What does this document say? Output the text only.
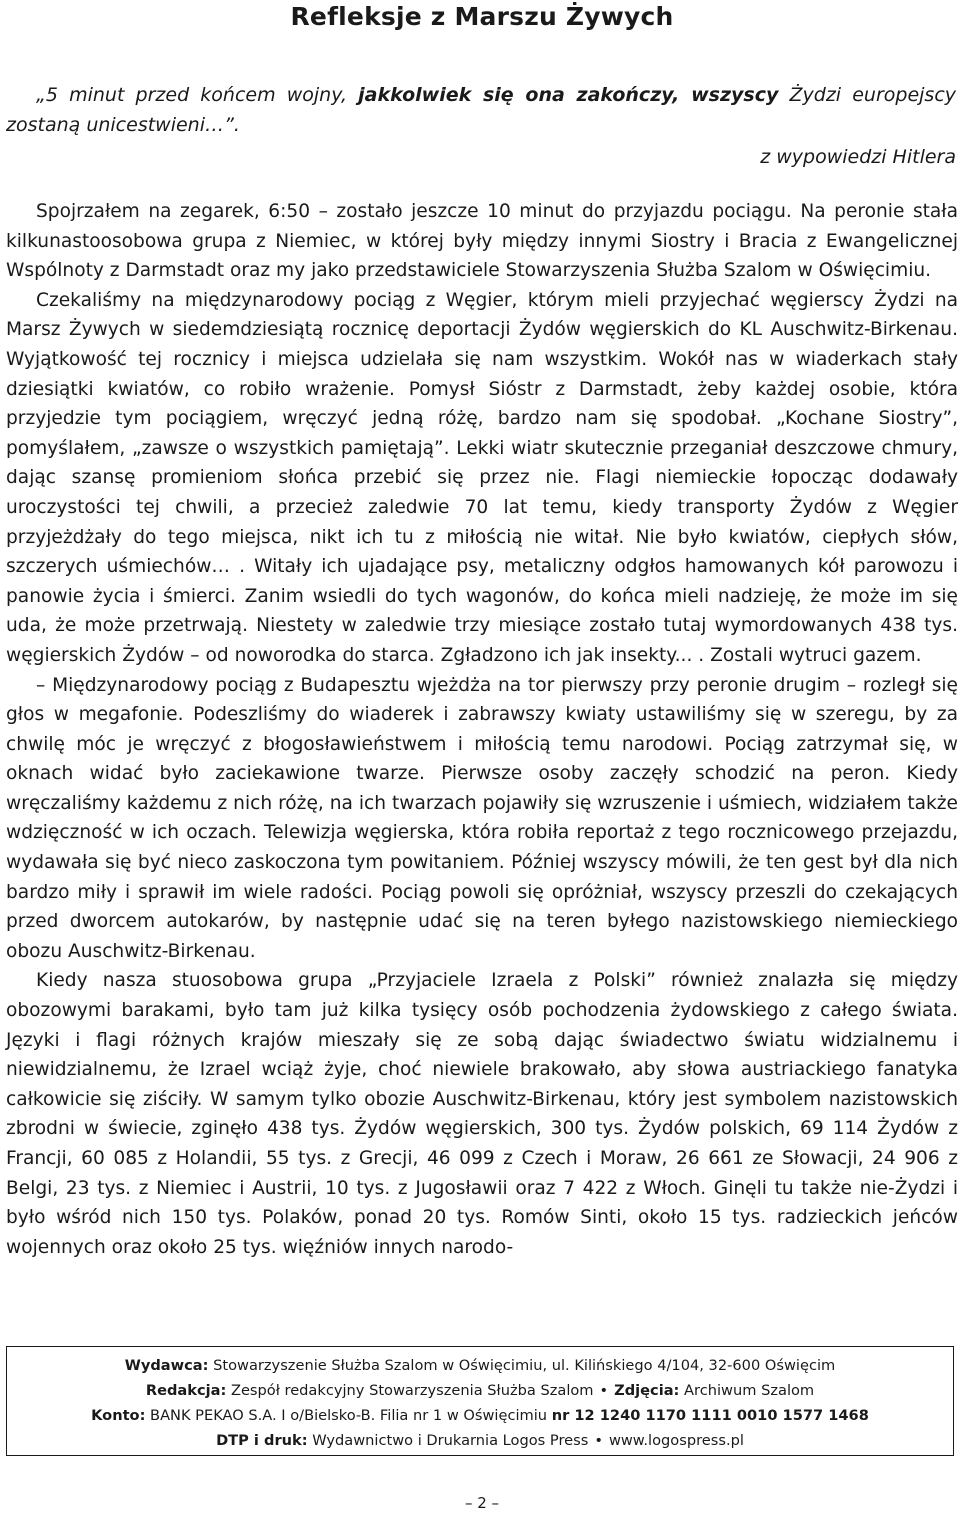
Refleksje z Marszu Żywych
„5 minut przed końcem wojny, jakkolwiek się ona zakończy, wszyscy Żydzi europejscy zostaną unicestwieni…”.
z wypowiedzi Hitlera

Spojrzałem na zegarek, 6:50 – zostało jeszcze 10 minut do przyjazdu pociągu. Na peronie stała kilkunastoosobowa grupa z Niemiec, w której były między innymi Siostry i Bracia z Ewangelicznej Wspólnoty z Darmstadt oraz my jako przedstawiciele Stowarzyszenia Służba Szalom w Oświęcimiu.

Czekaliśmy na międzynarodowy pociąg z Węgier, którym mieli przyjechać węgierscy Żydzi na Marsz Żywych w siedemdziesiątą rocznicę deportacji Żydów węgierskich do KL Auschwitz-Birkenau. Wyjątkowość tej rocznicy i miejsca udzielała się nam wszystkim. Wokół nas w wiaderkach stały dziesiątki kwiatów, co robiło wrażenie. Pomysł Sióstr z Darmstadt, żeby każdej osobie, która przyjedzie tym pociągiem, wręczyć jedną różę, bardzo nam się spodobał. „Kochane Siostry”, pomyślałem, „zawsze o wszystkich pamiętają”. Lekki wiatr skutecznie przeganiał deszczowe chmury, dając szansę promieniom słońca przebić się przez nie. Flagi niemieckie łopocząc dodawały uroczystości tej chwili, a przecież zaledwie 70 lat temu, kiedy transporty Żydów z Węgier przyjeżdżały do tego miejsca, nikt ich tu z miłością nie witał. Nie było kwiatów, ciepłych słów, szczerych uśmiechów… . Witały ich ujadające psy, metaliczny odgłos hamowanych kół parowozu i panowie życia i śmierci. Zanim wsiedli do tych wagonów, do końca mieli nadzieję, że może im się uda, że może przetrwają. Niestety w zaledwie trzy miesiące zostało tutaj wymordowanych 438 tys. węgierskich Żydów – od noworodka do starca. Zgładzono ich jak insekty... . Zostali wytruci gazem.

– Międzynarodowy pociąg z Budapesztu wjeżdża na tor pierwszy przy peronie drugim – rozległ się głos w megafonie. Podeszliśmy do wiaderek i zabrawszy kwiaty ustawiliśmy się w szeregu, by za chwilę móc je wręczyć z błogosławieństwem i miłością temu narodowi. Pociąg zatrzymał się, w oknach widać było zaciekawione twarze. Pierwsze osoby zaczęły schodzić na peron. Kiedy wręczaliśmy każdemu z nich różę, na ich twarzach pojawiły się wzruszenie i uśmiech, widziałem także wdzięczność w ich oczach. Telewizja węgierska, która robiła reportaż z tego rocznicowego przejazdu, wydawała się być nieco zaskoczona tym powitaniem. Później wszyscy mówili, że ten gest był dla nich bardzo miły i sprawił im wiele radości. Pociąg powoli się opróżniał, wszyscy przeszli do czekających przed dworcem autokarów, by następnie udać się na teren byłego nazistowskiego niemieckiego obozu Auschwitz-Birkenau.

Kiedy nasza stuosobowa grupa „Przyjaciele Izraela z Polski” również znalazła się między obozowymi barakami, było tam już kilka tysięcy osób pochodzenia żydowskiego z całego świata. Języki i flagi różnych krajów mieszały się ze sobą dając świadectwo światu widzialnemu i niewidzialnemu, że Izrael wciąż żyje, choć niewiele brakowało, aby słowa austriackiego fanatyka całkowicie się ziściły. W samym tylko obozie Auschwitz-Birkenau, który jest symbolem nazistowskich zbrodni w świecie, zginęło 438 tys. Żydów węgierskich, 300 tys. Żydów polskich, 69 114 Żydów z Francji, 60 085 z Holandii, 55 tys. z Grecji, 46 099 z Czech i Moraw, 26 661 ze Słowacji, 24 906 z Belgi, 23 tys. z Niemiec i Austrii, 10 tys. z Jugosławii oraz 7 422 z Włoch. Ginęli tu także nie-Żydzi i było wśród nich 150 tys. Polaków, ponad 20 tys. Romów Sinti, około 15 tys. radzieckich jeńców wojennych oraz około 25 tys. więźniów innych narodo-

Wydawca: Stowarzyszenie Służba Szalom w Oświęcimiu, ul. Kilińskiego 4/104, 32-600 Oświęcim
Redakcja: Zespół redakcyjny Stowarzyszenia Służba Szalom • Zdjęcia: Archiwum Szalom
Konto: BANK PEKAO S.A. I o/Bielsko-B. Filia nr 1 w Oświęcimiu nr 12 1240 1170 1111 0010 1577 1468
DTP i druk: Wydawnictwo i Drukarnia Logos Press • www.logospress.pl
– 2 –
